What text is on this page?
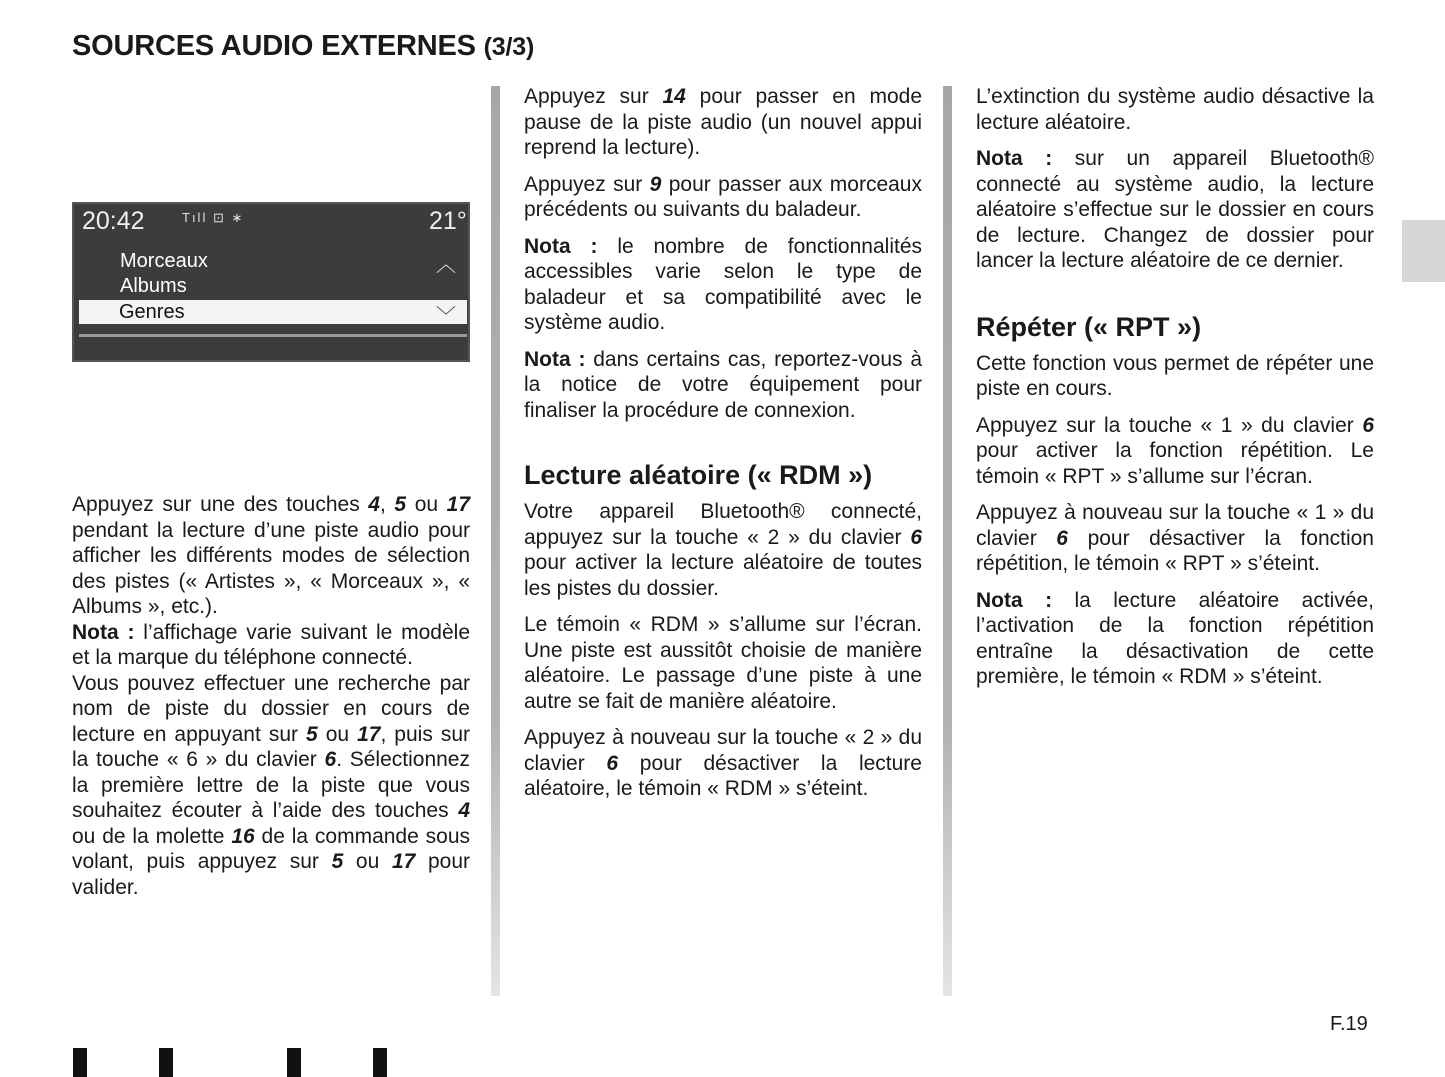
SOURCES AUDIO EXTERNES (3/3)
20:42	Tıll ⊡ ∗	21°
Morceaux	︿
Albums
Genres	﹀

Appuyez sur une des touches 4, 5 ou 17 pendant la lecture d’une piste audio pour afficher les différents modes de sélection des pistes (« Artistes », « Morceaux », « Albums », etc.).

Nota : l’affichage varie suivant le modèle et la marque du téléphone connecté.

Vous pouvez effectuer une recherche par nom de piste du dossier en cours de lecture en appuyant sur 5 ou 17, puis sur la touche « 6 » du clavier 6. Sélectionnez la première lettre de la piste que vous souhaitez écouter à l’aide des touches 4 ou de la molette 16 de la commande sous volant, puis appuyez sur 5 ou 17 pour valider.

Appuyez sur 14 pour passer en mode pause de la piste audio (un nouvel appui reprend la lecture).

Appuyez sur 9 pour passer aux morceaux précédents ou suivants du baladeur.

Nota : le nombre de fonctionnalités accessibles varie selon le type de baladeur et sa compatibilité avec le système audio.

Nota : dans certains cas, reportez-vous à la notice de votre équipement pour finaliser la procédure de connexion.

Lecture aléatoire (« RDM »)

Votre appareil Bluetooth® connecté, appuyez sur la touche « 2 » du clavier 6 pour activer la lecture aléatoire de toutes les pistes du dossier.

Le témoin « RDM » s’allume sur l’écran. Une piste est aussitôt choisie de manière aléatoire. Le passage d’une piste à une autre se fait de manière aléatoire.

Appuyez à nouveau sur la touche « 2 » du clavier 6 pour désactiver la lecture aléatoire, le témoin « RDM » s’éteint.

L’extinction du système audio désactive la lecture aléatoire.

Nota : sur un appareil Bluetooth® connecté au système audio, la lecture aléatoire s’effectue sur le dossier en cours de lecture. Changez de dossier pour lancer la lecture aléatoire de ce dernier.

Répéter (« RPT »)

Cette fonction vous permet de répéter une piste en cours.

Appuyez sur la touche « 1 » du clavier 6 pour activer la fonction répétition. Le témoin « RPT » s’allume sur l’écran.

Appuyez à nouveau sur la touche « 1 » du clavier 6 pour désactiver la fonction répétition, le témoin « RPT » s’éteint.

Nota : la lecture aléatoire activée, l’activation de la fonction répétition entraîne la désactivation de cette première, le témoin « RDM » s’éteint.

F.19
